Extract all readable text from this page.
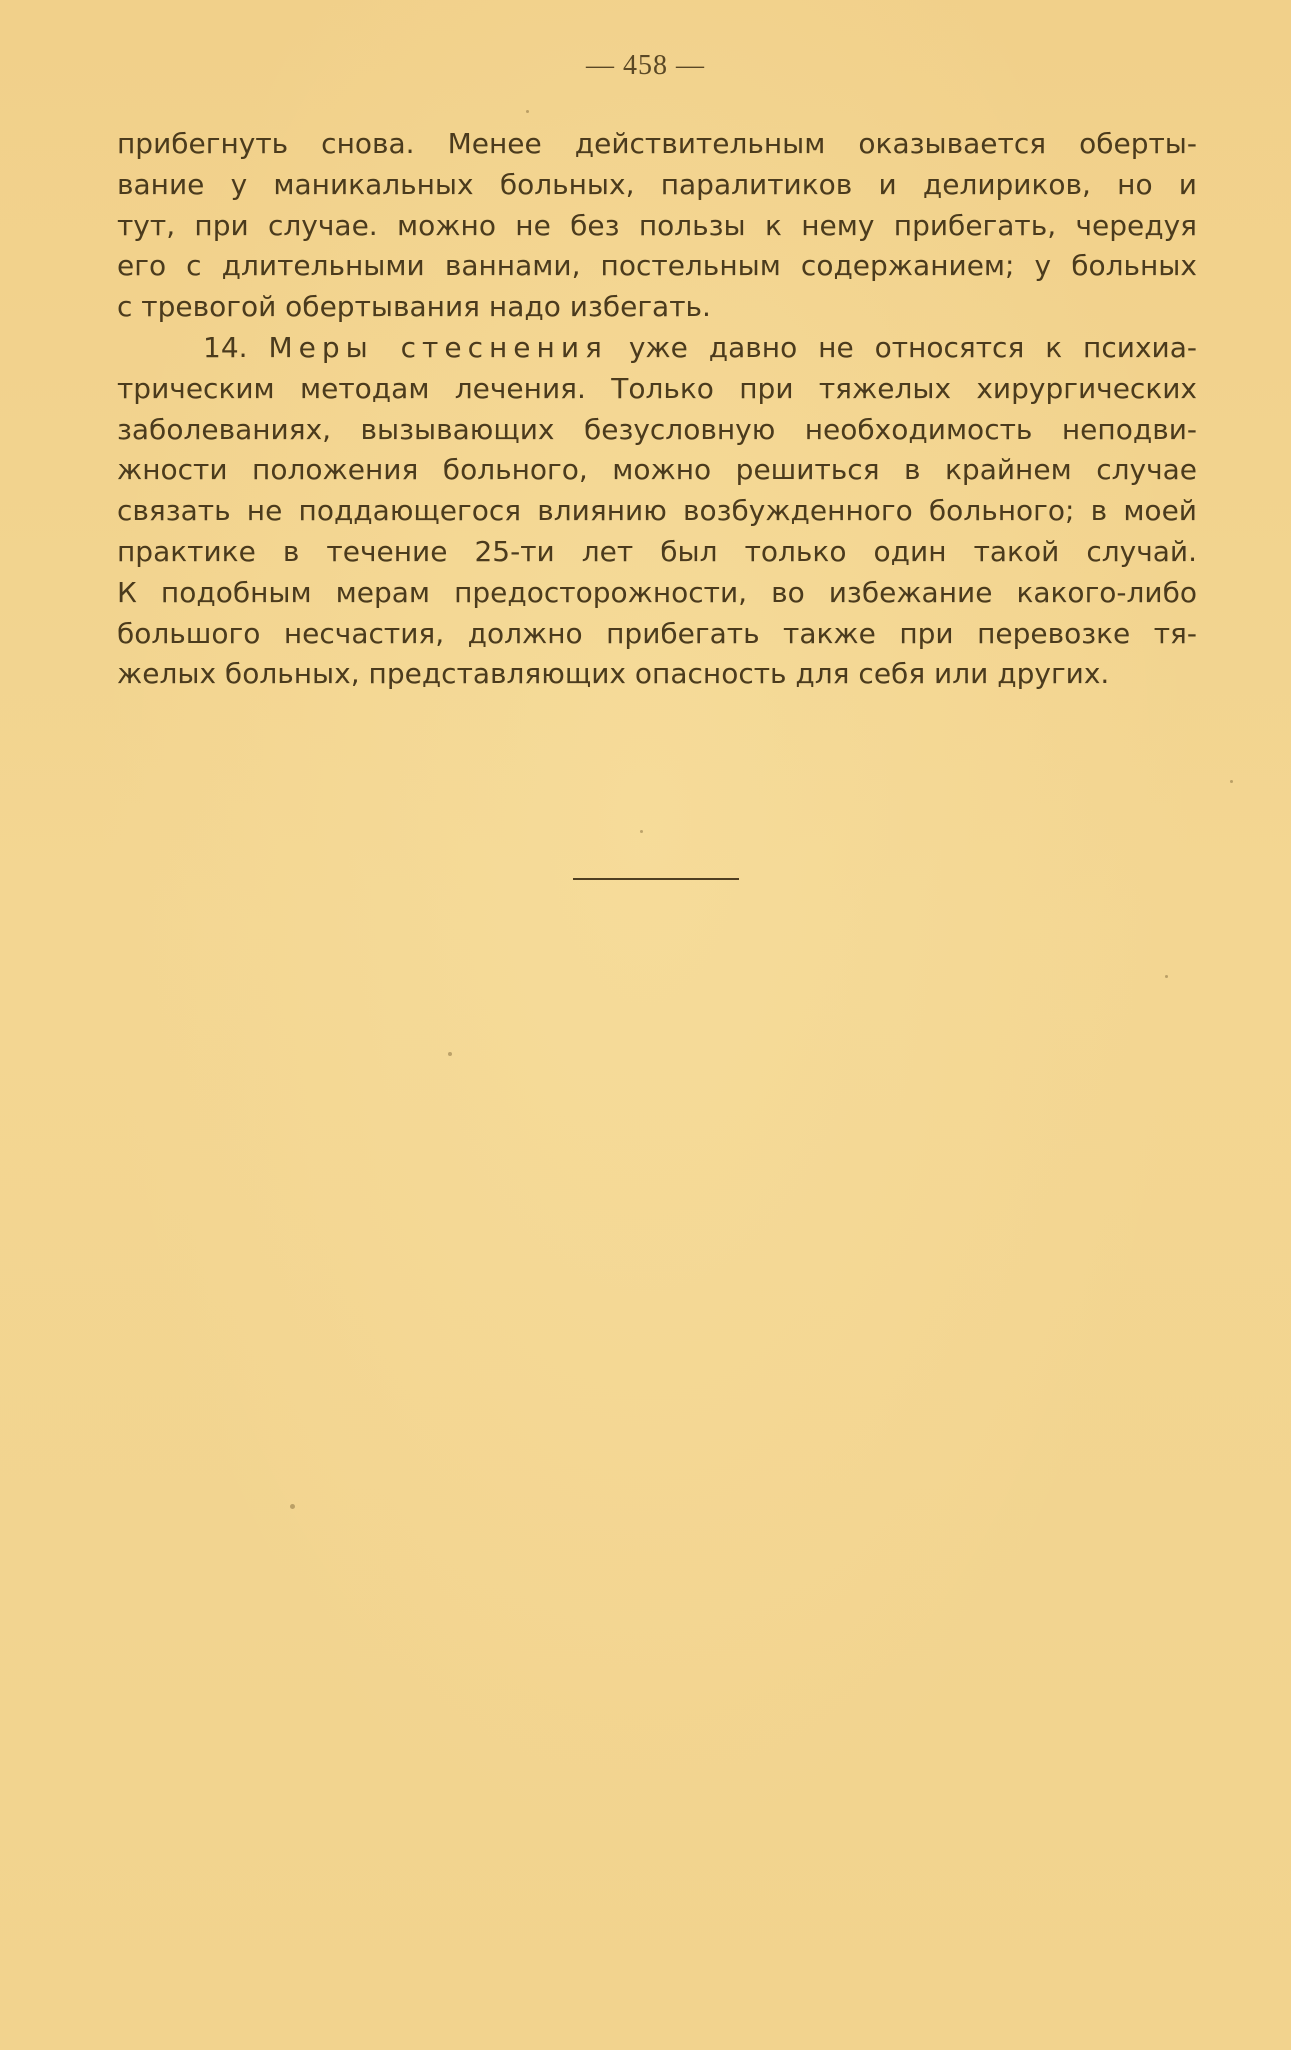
— 458 —
прибегнуть снова. Менее действительным оказывается оберты-
вание у маникальных больных, паралитиков и делириков, но и
тут, при случае. можно не без пользы к нему прибегать, чередуя
его с длительными ваннами, постельным содержанием; у больных
с тревогой обертывания надо избегать.
14. Меры стеснения уже давно не относятся к психиа-
трическим методам лечения. Только при тяжелых хирургических
заболеваниях, вызывающих безусловную необходимость неподви-
жности положения больного, можно решиться в крайнем случае
связать не поддающегося влиянию возбужденного больного; в моей
практике в течение 25-ти лет был только один такой случай.
К подобным мерам предосторожности, во избежание какого-либо
большого несчастия, должно прибегать также при перевозке тя-
желых больных, представляющих опасность для себя или других.
